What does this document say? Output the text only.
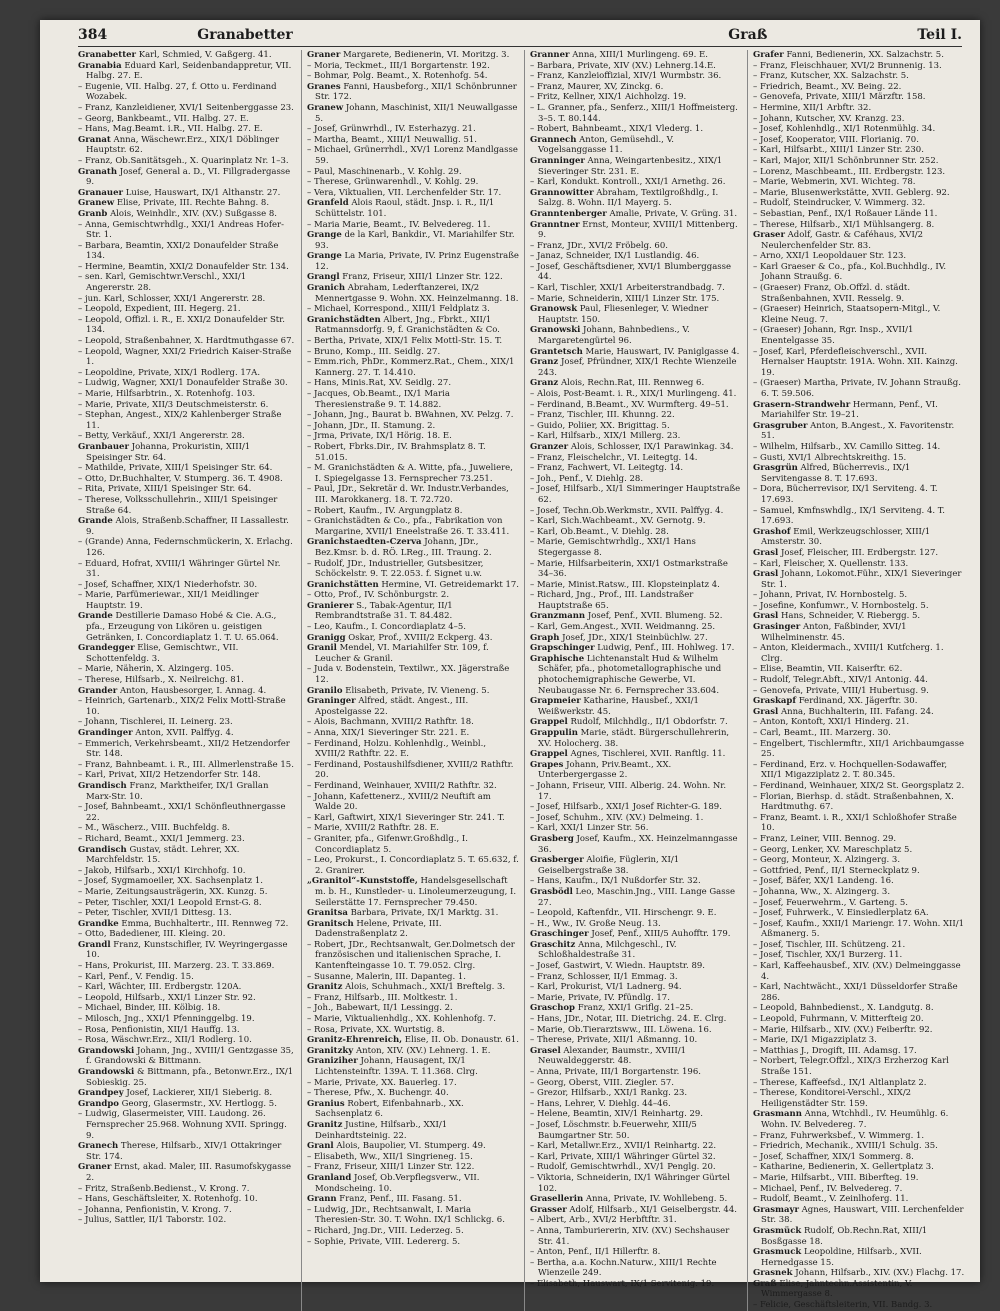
384	Granabetter	Graß	Teil I.

Granabetter Karl, Schmied, V. Gaßgerg. 41.

Granabia Eduard Karl, Seidenbandappretur, VII. Halbg. 27. E.

– Eugenie, VII. Halbg. 27, f. Otto u. Ferdinand Wozabek.

– Franz, Kanzleidiener, XVI/1 Seitenberggasse 23.

– Georg, Bankbeamt., VII. Halbg. 27. E.

– Hans, Mag.Beamt. i.R., VII. Halbg. 27. E.

Granat Anna, Wäschewr.Erz., XIX/1 Döblinger Hauptstr. 62.

– Franz, Ob.Sanitätsgeh., X. Quarinplatz Nr. 1–3.

Granath Josef, General a. D., VI. Fillgradergasse 9.

Granauer Luise, Hauswart, IX/1 Althanstr. 27.

Granew Elise, Private, III. Rechte Bahng. 8.

Granb Alois, Weinhdlr., XIV. (XV.) Sußgasse 8.

– Anna, Gemischtwrhdlg., XXI/1 Andreas Hofer-Str. 1.

– Barbara, Beamtin, XXI/2 Donaufelder Straße 134.

– Hermine, Beamtin, XXI/2 Donaufelder Str. 134.

– sen. Karl, Gemischtwr.Verschl., XXI/1 Angererstr. 28.

– jun. Karl, Schlosser, XXI/1 Angererstr. 28.

– Leopold, Expedient, III. Hegerg. 21.

– Leopold, Offizl. i. R., E. XXI/2 Donaufelder Str. 134.

– Leopold, Straßenbahner, X. Hardtmuthgasse 67.

– Leopold, Wagner, XXI/2 Friedrich Kaiser-Straße 1.

– Leopoldine, Private, XIX/1 Rodlerg. 17A.

– Ludwig, Wagner, XXI/1 Donaufelder Straße 30.

– Marie, Hilfsarbtrin., X. Rotenhofg. 103.

– Marie, Private, XII/3 Deutschmeisterstr. 6.

– Stephan, Angest., XIX/2 Kahlenberger Straße 11.

– Betty, Verkäuf., XXI/1 Angererstr. 28.

Granbauer Johanna, Prokuristin, XIII/1 Speisinger Str. 64.

– Mathilde, Private, XIII/1 Speisinger Str. 64.

– Otto, Dr.Buchhalter, V. Stumperg. 36. T. 4908.

– Rita, Private, XIII/1 Speisinger Str. 64.

– Therese, Volksschullehrin., XIII/1 Speisinger Straße 64.

Grande Alois, Straßenb.Schaffner, II Lassallestr. 9.

– (Grande) Anna, Federnschmückerin, X. Erlachg. 126.

– Eduard, Hofrat, XVIII/1 Währinger Gürtel Nr. 31.

– Josef, Schaffner, XIX/1 Niederhofstr. 30.

– Marie, Parfümeriewar., XII/1 Meidlinger Hauptstr. 19.

Grande Destillerie Damaso Hobé & Cie. A.G., pfa., Erzeugung von Likören u. geistigen Getränken, I. Concordiaplatz 1. T. U. 65.064.

Grandegger Elise, Gemischtwr., VII. Schottenfeldg. 3.

– Marie, Näherin, X. Alzingerg. 105.

– Therese, Hilfsarb., X. Neilreichg. 81.

Grander Anton, Hausbesorger, I. Annag. 4.

– Heinrich, Gartenarb., XIX/2 Felix Mottl-Straße 10.

– Johann, Tischlerei, II. Leinerg. 23.

Grandinger Anton, XVII. Palffyg. 4.

– Emmerich, Verkehrsbeamt., XII/2 Hetzendorfer Str. 148.

– Franz, Bahnbeamt. i. R., III. Allmerlenstraße 15.

– Karl, Privat, XII/2 Hetzendorfer Str. 148.

Grandisch Franz, Marktheifer, IX/1 Grallan Marx-Str. 10.

– Josef, Bahnbeamt., XXI/1 Schönfleuthnergasse 22.

– M., Wäscherz., VIII. Buchfeldg. 8.

– Richard, Beamt., XXI/1 Jemmerg. 23.

Grandisch Gustav, städt. Lehrer, XX. Marchfeldstr. 15.

– Jakob, Hilfsarb., XXI/1 Kirchhofg. 10.

– Josef, Sygmamoeiler, XX. Sachsenplatz 1.

– Marie, Zeitungsausträgerin, XX. Kunzg. 5.

– Peter, Tischler, XXI/1 Leopold Ernst-G. 8.

– Peter, Tischler, XVII/1 Dittesg. 13.

Grandke Emma, Buchhaltertr., III. Rennweg 72.

– Otto, Badediener, III. Kleing. 20.

Grandl Franz, Kunstschifler, IV. Weyringergasse 10.

– Hans, Prokurist, III. Marzerg. 23. T. 33.869.

– Karl, Penf., V. Fendig. 15.

– Karl, Wächter, III. Erdbergstr. 120A.

– Leopold, Hilfsarb., XXI/1 Linzer Str. 92.

– Michael, Binder, III. Kölbig. 18.

– Milosch, Jng., XXI/1 Pfenninggelbg. 19.

– Rosa, Penfionistin, XII/1 Hauffg. 13.

– Rosa, Wäschwr.Erz., XII/1 Rodlerg. 10.

Grandowski Johann, Jng., XVIII/1 Gentzgasse 35, f. Grandowski & Bittmann.

Grandowski & Bittmann, pfa., Betonwr.Erz., IX/1 Sobieskig. 25.

Grandpey Josef, Lackierer, XII/1 Sieberig. 8.

Grandpo Georg, Glasermstr., XV. Hertlogg. 5.

– Ludwig, Glasermeister, VIII. Laudong. 26. Fernsprecher 25.968. Wohnung XVII. Springg. 9.

Granech Therese, Hilfsarb., XIV/1 Ottakringer Str. 174.

Graner Ernst, akad. Maler, III. Rasumofskygasse 2.

– Fritz, Straßenb.Bedienst., V. Krong. 7.

– Hans, Geschäftsleiter, X. Rotenhofg. 10.

– Johanna, Penfionistin, V. Krong. 7.

– Julius, Sattler, II/1 Taborstr. 102.

Graner Margarete, Bedienerin, VI. Moritzg. 3.

– Moria, Teckmet., III/1 Borgartenstr. 192.

– Bohmar, Polg. Beamt., X. Rotenhofg. 54.

Granes Fanni, Hausbeforg., XII/1 Schönbrunner Str. 172.

Granew Johann, Maschinist, XII/1 Neuwallgasse 5.

– Josef, Grünwrhdl., IV. Esterhazyg. 21.

– Martha, Beamt., XIII/1 Neuwallig. 51.

– Michael, Grünerrhdl., XV/1 Lorenz Mandlgasse 59.

– Paul, Maschinenarb., V. Kohlg. 29.

– Therese, Grünwarenhdl., V. Kohlg. 29.

– Vera, Viktualien, VII. Lerchenfelder Str. 17.

Granfeld Alois Raoul, städt. Jnsp. i. R., II/1 Schüttelstr. 101.

– Maria Marie, Beamt., IV. Belvedereg. 11.

Grange de la Karl, Bankdir., VI. Mariahilfer Str. 93.

Grange La Maria, Private, IV. Prinz Eugenstraße 12.

Grangl Franz, Friseur, XIII/1 Linzer Str. 122.

Granich Abraham, Lederftanzerei, IX/2 Mennertgasse 9. Wohn. XX. Heinzelmanng. 18.

– Michael, Korrespond., XIII/1 Feldplatz 3.

Granichstädten Albert, Jng., Fbrkt., XII/1 Ratmannsdorfg. 9, f. Granichstädten & Co.

– Bertha, Private, XIX/1 Felix Mottl-Str. 15. T.

– Bruno, Komp., III. Seidlg. 27.

– Emm.rich, PhDr., Kommerz.Rat., Chem., XIX/1 Kannerg. 27. T. 14.410.

– Hans, Minis.Rat, XV. Seidlg. 27.

– Jacques, Ob.Beamt., IX/1 Maria Theresienstraße 9. T. 14.882.

– Johann, Jng., Baurat b. BWahnen, XV. Pelzg. 7.

– Johann, JDr., II. Stamung. 2.

– Jrma, Private, IX/1 Hörig. 18. E.

– Robert, Fbrks.Dir., IV. Brahmsplatz 8. T. 51.015.

– M. Granichstädten & A. Witte, pfa., Juweliere, I. Spiegelgasse 13. Fernsprecher 73.251.

– Paul, JDr., Sekretär d. Wr. Industr.Verbandes, III. Marokkanerg. 18. T. 72.720.

– Robert, Kaufm., IV. Argungplatz 8.

– Granichstädten & Co., pfa., Fabrikation von Margarine, XVII/1 Eneelstraße 26. T. 33.411.

Granichstaedten-Czerva Johann, JDr., Bez.Kmsr. b. d. RÖ. LReg., III. Traung. 2.

– Rudolf, JDr., Industrieller, Gutsbesitzer, Schöckelstr. 9. T. 22.053. f. Signet u.w.

Granichstätten Hermine, VI. Getreidemarkt 17.

– Otto, Prof., IV. Schönburgstr. 2.

Granierer S., Tabak-Agentur, II/1 Rembrandtstraße 31. T. 84.482.

– Leo, Kaufm., I. Concordiaplatz 4–5.

Granigg Oskar, Prof., XVIII/2 Eckperg. 43.

Granil Mendel, VI. Mariahilfer Str. 109, f. Leucher & Granil.

– Juda v. Bodenstein, Textilwr., XX. Jägerstraße 12.

Granilo Elisabeth, Private, IV. Vieneng. 5.

Graninger Alfred, städt. Angest., III. Apostelgasse 22.

– Alois, Bachmann, XVIII/2 Rathftr. 18.

– Anna, XIX/1 Sieveringer Str. 221. E.

– Ferdinand, Holzu. Kohlenhdlg., Weinbl., XVIII/2 Rathftr. 22. E.

– Ferdinand, Postaushilfsdiener, XVIII/2 Rathftr. 20.

– Ferdinand, Weinhauer, XVIII/2 Rathftr. 32.

– Johann, Kafettenerz., XVIII/2 Neuftift am Walde 20.

– Karl, Gaftwirt, XIX/1 Sieveringer Str. 241. T.

– Marie, XVIII/2 Rathftr. 28. E.

– Graniter, pfa., Gifenwr.Großhdlg., I. Concordiaplatz 5.

– Leo, Prokurst., I. Concordiaplatz 5. T. 65.632, f. 2. Granirer.

„Granitol“-Kunststoffe, Handelsgesellschaft m. b. H., Kunstleder- u. Linoleumerzeugung, I. Seilerstätte 17. Fernsprecher 79.450.

Granitsa Barbara, Private, IX/1 Marktg. 31.

Granitsch Helene, Private, III. Dadenstraßenplatz 2.

– Robert, JDr., Rechtsanwalt, Ger.Dolmetsch der französischen und italienischen Sprache, I. Kantenfteingasse 10. T. 79.052. Clrg.

– Susanne, Malerin, III. Dapanteg. 1.

Granitz Alois, Schuhmach., XXI/1 Breftelg. 3.

– Franz, Hilfsarb., III. Moltkestr. 1.

– Joh., Babewart, II/1 Lessingg. 2.

– Marie, Viktualienhdlg., XX. Kohlenhofg. 7.

– Rosa, Private, XX. Wurtstig. 8.

Granitz-Ehrenreich, Elise, II. Ob. Donaustr. 61.

Granitzky Anton, XIV. (XV.) Lehnerg. 1. E.

Graniziher Johann, Hausagent, IX/1 Lichtensteinftr. 139A. T. 11.368. Clrg.

– Marie, Private, XX. Bauerleg. 17.

– Therese, Pfw., X. Buchengr. 40.

Granius Robert, Eifenbahnarb., XX. Sachsenplatz 6.

Granitz Justine, Hilfsarb., XXI/1 Deinhardtsteinig. 22.

Granl Alois, Baupolier, VI. Stumperg. 49.

– Elisabeth, Ww., XII/1 Singrieneg. 15.

– Franz, Friseur, XIII/1 Linzer Str. 122.

Granland Josef, Ob.Verpflegsverw., VII. Mondscheing. 10.

Grann Franz, Penf., III. Fasang. 51.

– Ludwig, JDr., Rechtsanwalt, I. Maria Theresien-Str. 30. T. Wohn. IX/1 Schlickg. 6.

– Richard, Jng.Dr., VIII. Lederzeg. 5.

– Sophie, Private, VIII. Ledererg. 5.

Granner Anna, XIII/1 Murlingeng. 69. E.

– Barbara, Private, XIV (XV.) Lehnerg.14.E.

– Franz, Kanzleioffizial, XIV/1 Wurmbstr. 36.

– Franz, Maurer, XV, Zinckg. 6.

– Fritz, Kellner, XIX/1 Aichholzg. 19.

– L. Granner, pfa., Senferz., XIII/1 Hoffmeisterg. 3–5. T. 80.144.

– Robert, Bahnbeamt., XIX/1 Vlederg. 1.

Grannech Anton, Gemüsehdl., V. Vogelsanggasse 11.

Granninger Anna, Weingartenbesitz., XIX/1 Sieveringer Str. 231. E.

– Karl, Kondukt. Kontroll., XXI/1 Arnethg. 26.

Grannowitter Abraham, Textilgroßhdlg., I. Salzg. 8. Wohn. II/1 Mayerg. 5.

Granntenberger Amalie, Private, V. Grüng. 31.

Granntner Ernst, Monteur, XVIII/1 Mittenberg. 9.

– Franz, JDr., XVI/2 Fröbelg. 60.

– Janaz, Schneider, IX/1 Lustlandig. 46.

– Josef, Geschäftsdiener, XVI/1 Blumberggasse 44.

– Karl, Tischler, XXI/1 Arbeiterstrandbadg. 7.

– Marie, Schneiderin, XIII/1 Linzer Str. 175.

Granowsk Paul, Fliesenleger, V. Wiedner Hauptstr. 150.

Granowski Johann, Bahnbediens., V. Margaretengürtel 96.

Grantetsch Marie, Hauswart, IV. Paniglgasse 4.

Granz Josef, Pfründner, XIX/1 Rechte Wienzeile 243.

Granz Alois, Rechn.Rat, III. Rennweg 6.

– Alois, Post-Beamt. i. R., XIX/1 Murlingeng. 41.

– Ferdinand, B.Beamt., XV. Wurmfterg. 49–51.

– Franz, Tischler, III. Khunng. 22.

– Guido, Poliier, XX. Brigittag. 5.

– Karl, Hilfsarb., XIX/1 Millerg. 23.

Granzer Alois, Schlosser, IX/1 Parawinkag. 34.

– Franz, Fleischelchr., VI. Leitegtg. 14.

– Franz, Fachwert, VI. Leitegtg. 14.

– Joh., Penf., V. Diehlg. 28.

– Josef, Hilfsarb., XI/1 Simmeringer Hauptstraße 62.

– Josef, Techn.Ob.Werkmstr., XVII. Palffyg. 4.

– Karl, Sich.Wachbeamt., XV. Gernotg. 9.

– Karl, Ob.Beamt., V. Diehlg. 28.

– Marie, Gemischtwrhdlg., XXI/1 Hans Stegergasse 8.

– Marie, Hilfsarbeiterin, XXI/1 Ostmarkstraße 34–36.

– Marie, Minist.Ratsw., III. Klopsteinplatz 4.

– Richard, Jng., Prof., III. Landstraßer Hauptstraße 65.

Granzmann Josef, Penf., XVII. Blumeng. 52.

– Karl, Gem.Angest., XVII. Weidmanng. 25.

Graph Josef, JDr., XIX/1 Steinbüchlw. 27.

Grapschinger Ludwig, Penf., III. Hohlweg. 17.

Graphische Lichtenanstalt Hud & Wilhelm Schäfer, pfa., photometallographische und photochemigraphische Gewerbe, VI. Neubaugasse Nr. 6. Fernsprecher 33.604.

Grapmeier Katharine, Hausbef., XXI/1 Weißwerkstr. 45.

Grappel Rudolf, Milchhdlg., II/1 Obdorfstr. 7.

Grappulin Marie, städt. Bürgerschullehrerin, XV. Holocherg. 38.

Grappel Agnes, Tischlerei, XVII. Ranftlg. 11.

Grapes Johann, Priv.Beamt., XX. Unterbergergasse 2.

– Johann, Friseur, VIII. Alberig. 24. Wohn. Nr. 17.

– Josef, Hilfsarb., XXI/1 Josef Richter-G. 189.

– Josef, Schuhm., XIV. (XV.) Delmeing. 1.

– Karl, XXI/1 Linzer Str. 56.

Grasberg Josef, Kaufm., XX. Heinzelmanngasse 36.

Grasberger Aloifie, Füglerin, XI/1 Geiselbergstraße 38.

– Hans, Kaufm., IX/1 Nußdorfer Str. 32.

Grasbödl Leo, Maschin.Jng., VIII. Lange Gasse 27.

– Leopold, Kaftenfdr., VII. Hirschengr. 9. E.

– H., Ww., IV. Große Neug. 13.

Graschinger Josef, Penf., XIII/5 Auhofftr. 179.

Graschitz Anna, Milchgeschl., IV. Schloßhaldestraße 31.

– Josef, Gastwirt, V. Wiedn. Hauptstr. 89.

– Franz, Schlosser, II/1 Emmag. 3.

– Karl, Prokurist, VI/1 Ladnerg. 94.

– Marie, Private, IV. Pfündlg. 17.

Graschop Franz, XXI/1 Griflg. 21–25.

– Hans, JDr., Notar, III. Dietrichg. 24. E. Clrg.

– Marie, Ob.Tierarztsww., III. Löwena. 16.

– Therese, Private, XII/1 Aßmanng. 10.

Grasel Alexander, Baumstr., XVIII/1 Neuwaldeggerstr. 48.

– Anna, Private, III/1 Borgartenstr. 196.

– Georg, Oberst, VIII. Ziegler. 57.

– Grezor, Hilfsarb., XXI/1 Rankg. 23.

– Hans, Lehrer, V. Diehlg. 44–46.

– Helene, Beamtin, XIV/1 Reinhartg. 29.

– Josef, Löschmstr. b.Feuerwehr, XIII/5 Baumgartner Str. 50.

– Karl, Metallwr.Erz., XVII/1 Reinhartg. 22.

– Karl, Private, XIII/1 Währinger Gürtel 32.

– Rudolf, Gemischtwrhdl., XV/1 Penglg. 20.

– Viktoria, Schneiderin, IX/1 Währinger Gürtel 102.

Grasellerin Anna, Private, IV. Wohllebeng. 5.

Grasser Adolf, Hilfsarb., XI/1 Geiselbergstr. 44.

– Albert, Arb., XVI/2 Herbftftr. 31.

– Anna, Tamburiererin, XIV. (XV.) Sechshauser Str. 41.

– Anton, Penf., II/1 Hillerftr. 8.

– Bertha, a.a. Kochn.Naturw., XIII/1 Rechte Wienzeile 249.

– Elisabeth, Hauswart, IX/1 Servitenig. 19.

Grafer Fanni, Bedienerin, XX. Salzachstr. 5.

– Franz, Fleischhauer, XVI/2 Brunnenig. 13.

– Franz, Kutscher, XX. Salzachstr. 5.

– Friedrich, Beamt., XV. Being. 22.

– Genovefa, Private, XIII/1 Märzftr. 158.

– Hermine, XII/1 Arbftr. 32.

– Johann, Kutscher, XV. Kranzg. 23.

– Josef, Kohlenhdlg., XI/1 Rotenmühlg. 34.

– Josef, Kooperator, VIII. Florianig. 70.

– Karl, Hilfsarbt., XIII/1 Linzer Str. 230.

– Karl, Major, XII/1 Schönbrunner Str. 252.

– Lorenz, Maschbeamt., III. Erdbergstr. 123.

– Marie, Webmerin, XVI. Wichteg. 78.

– Marie, Blusenwerkstätte, XVII. Geblerg. 92.

– Rudolf, Steindrucker, V. Wimmerg. 32.

– Sebastian, Penf., IX/1 Roßauer Lände 11.

– Therese, Hilfsarb., XI/1 Mühlsangerg. 8.

Graser Adolf, Gastr. & Caféhaus, XVI/2 Neulerchenfelder Str. 83.

– Arno, XXI/1 Leopoldauer Str. 123.

– Karl Graeser & Co., pfa., Kol.Buchhdlg., IV. Johann Straußg. 6.

– (Graeser) Franz, Ob.Offzl. d. städt. Straßenbahnen, XVII. Resselg. 9.

– (Graeser) Heinrich, Staatsopern-Mitgl., V. Kleine Neug. 7.

– (Graeser) Johann, Rgr. Insp., XVII/1 Enentelgasse 35.

– Josef, Karl, Pferdefleischverschl., XVII. Hernalser Hauptstr. 191A. Wohn. XII. Kainzg. 19.

– (Graeser) Martha, Private, IV. Johann Straußg. 6. T. 59.506.

Grasern-Strandwehr Hermann, Penf., VI. Mariahilfer Str. 19–21.

Grasgruber Anton, B.Angest., X. Favoritenstr. 51.

– Wilhelm, Hilfsarb., XV. Camillo Sitteg. 14.

– Gusti, XVI/1 Albrechtskreithg. 15.

Grasgrün Alfred, Bücherrevis., IX/1 Servitengasse 8. T. 17.693.

– Dora, Bücherrevisor, IX/1 Serviteng. 4. T. 17.693.

– Samuel, Kmfnswhdlg., IX/1 Serviteng. 4. T. 17.693.

Grashof Emil, Werkzeugschlosser, XIII/1 Amsterstr. 30.

Grasl Josef, Fleischer, III. Erdbergstr. 127.

– Karl, Fleischer, X. Quellenstr. 133.

Grasl Johann, Lokomot.Führ., XIX/1 Sieveringer Str. 1.

– Johann, Privat, IV. Hornbostelg. 5.

– Josefine, Konfumwr., V. Hornbostelg. 5.

Grasl Hans, Schneider, V. Riebergg. 5.

Grasinger Anton, Faßbinder, XVI/1 Wilhelminenstr. 45.

– Anton, Kleidermach., XVIII/1 Kutfcherg. 1. Clrg.

– Elise, Beamtin, VII. Kaiserftr. 62.

– Rudolf, Telegr.Abft., XIV/1 Antonig. 44.

– Genovefa, Private, VIII/1 Hubertusg. 9.

Graskapf Ferdinand, XX. Jägerftr. 30.

Grasl Anna, Buchhalterin, III. Fafang. 24.

– Anton, Kontoft, XXI/1 Hinderg. 21.

– Carl, Beamt., III. Marzerg. 30.

– Engelbert, Tischlermftr., XII/1 Arichbaumgasse 25.

– Ferdinand, Erz. v. Hochquellen-Sodawaffer, XII/1 Migazziplatz 2. T. 80.345.

– Ferdinand, Weinhauer, XIX/2 St. Georgsplatz 2.

– Florian, Bierhsp. d. städt. Straßenbahnen, X. Hardtmuthg. 67.

– Franz, Beamt. i. R., XXI/1 Schloßhofer Straße 10.

– Franz, Leiner, VIII. Bennog. 29.

– Georg, Lenker, XV. Mareschplatz 5.

– Georg, Monteur, X. Alzingerg. 3.

– Gottfried, Penf., II/1 Sterneckplatz 9.

– Josef, Bäfer, XX/1 Landeng. 16.

– Johanna, Ww., X. Alzingerg. 3.

– Josef, Feuerwehrm., V. Garteng. 5.

– Josef, Fuhrwerk., V. Einsiedlerplatz 6A.

– Josef, Kaufm., XXII/1 Mariengr. 17. Wohn. XII/1 Aßmanerg. 5.

– Josef, Tischler, III. Schützeng. 21.

– Josef, Tischler, XX/1 Burzerg. 11.

– Karl, Kaffeehausbef., XIV. (XV.) Delmeinggasse 4.

– Karl, Nachtwächt., XXI/1 Düsseldorfer Straße 286.

– Leopold, Bahnbedienst., X. Landgutg. 8.

– Leopold, Fuhrmann, V. Mitterfteig 20.

– Marie, Hilfsarb., XIV. (XV.) Feiberftr. 92.

– Marie, IX/1 Migazziplatz 3.

– Matthias J., Drogift, III. Adamsg. 17.

– Norbert, Telegr.Offzl., XIX/3 Erzherzog Karl Straße 151.

– Therese, Kaffeefsd., IX/1 Altlanplatz 2.

– Therese, Konditorei-Verschl., XIX/2 Heiligenstädter Str. 159.

Grasmann Anna, Wtchhdl., IV. Heumühlg. 6. Wohn. IV. Belvedereg. 7.

– Franz, Fuhrwerksbef., V. Wimmerg. 1.

– Friedrich, Mechanik., XVIII/1 Schulg. 35.

– Josef, Schaffner, XIX/1 Sommerg. 8.

– Katharine, Bedienerin, X. Gellertplatz 3.

– Marie, Hilfsarbt., VIII. Biberfteg. 19.

– Michael, Penf., IV. Belvedereg. 7.

– Rudolf, Beamt., V. Zeinlhoferg. 11.

Grasmayr Agnes, Hauswart, VIII. Lerchenfelder Str. 38.

Grasmück Rudolf, Ob.Rechn.Rat, XIII/1 Bosßgasse 18.

Grasmuck Leopoldine, Hilfsarb., XVII. Hernedgasse 15.

Grasnek Johann, Hilfsarb., XIV. (XV.) Flachg. 17.

Graß Elise, Jahntechn.Assistentin, V. Wimmergasse 8.

– Felicie, Geschäftsleiterin, VII. Bandg. 3.
